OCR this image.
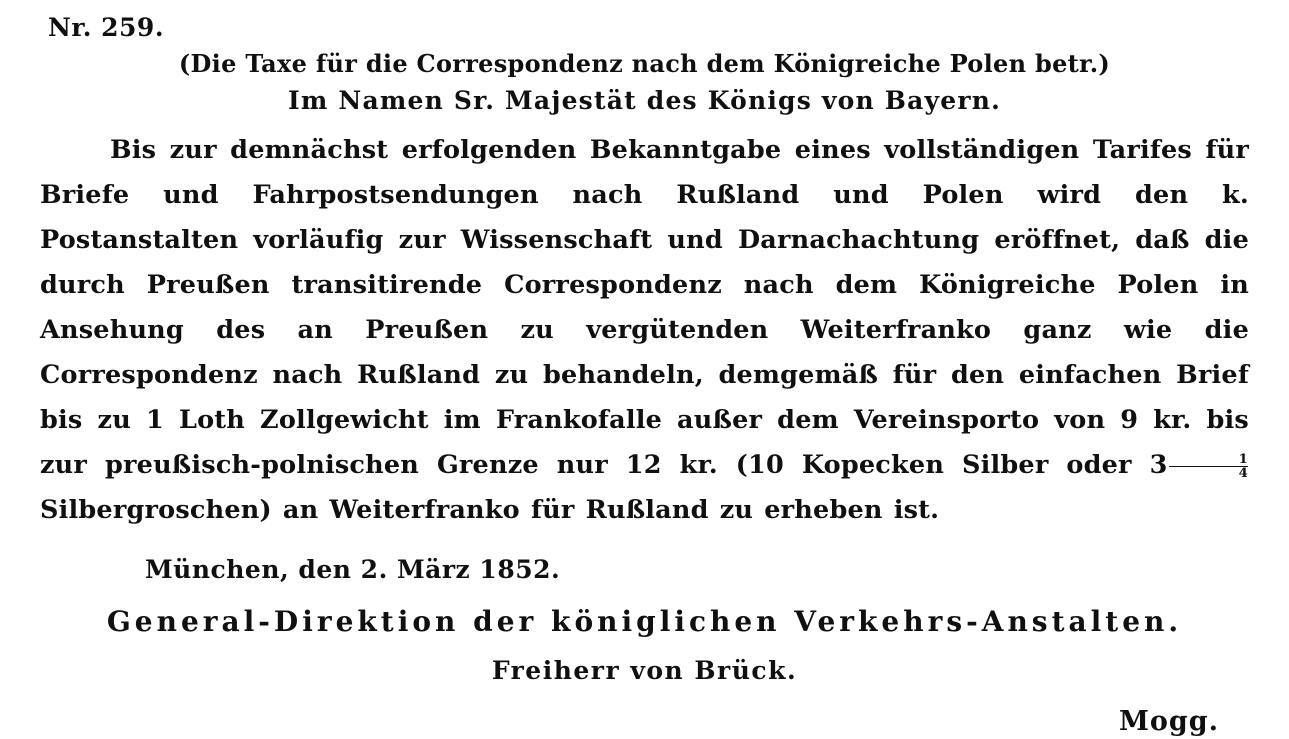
Nr. 259.
(Die Taxe für die Correspondenz nach dem Königreiche Polen betr.)
Im Namen Sr. Majestät des Königs von Bayern.
Bis zur demnächst erfolgenden Bekanntgabe eines vollständigen Tarifes für Briefe und Fahrpostsendungen nach Rußland und Polen wird den k. Postanstalten vorläufig zur Wissenschaft und Darnachachtung eröffnet, daß die durch Preußen transitirende Correspondenz nach dem Königreiche Polen in Ansehung des an Preußen zu vergütenden Weiterfranko ganz wie die Correspondenz nach Rußland zu behandeln, demgemäß für den einfachen Brief bis zu 1 Loth Zollgewicht im Frankofalle außer dem Vereinsporto von 9 kr. bis zur preußisch-polnischen Grenze nur 12 kr. (10 Kopecken Silber oder $3 \frac{1}{4}$
Silbergroschen) an Weiterfranko für Rußland zu erheben ist.
München, den 2. März 1852.
General-Direktion der königlichen Verkehrs-Anstalten.
Freiherr von Brück.
Mogg.
